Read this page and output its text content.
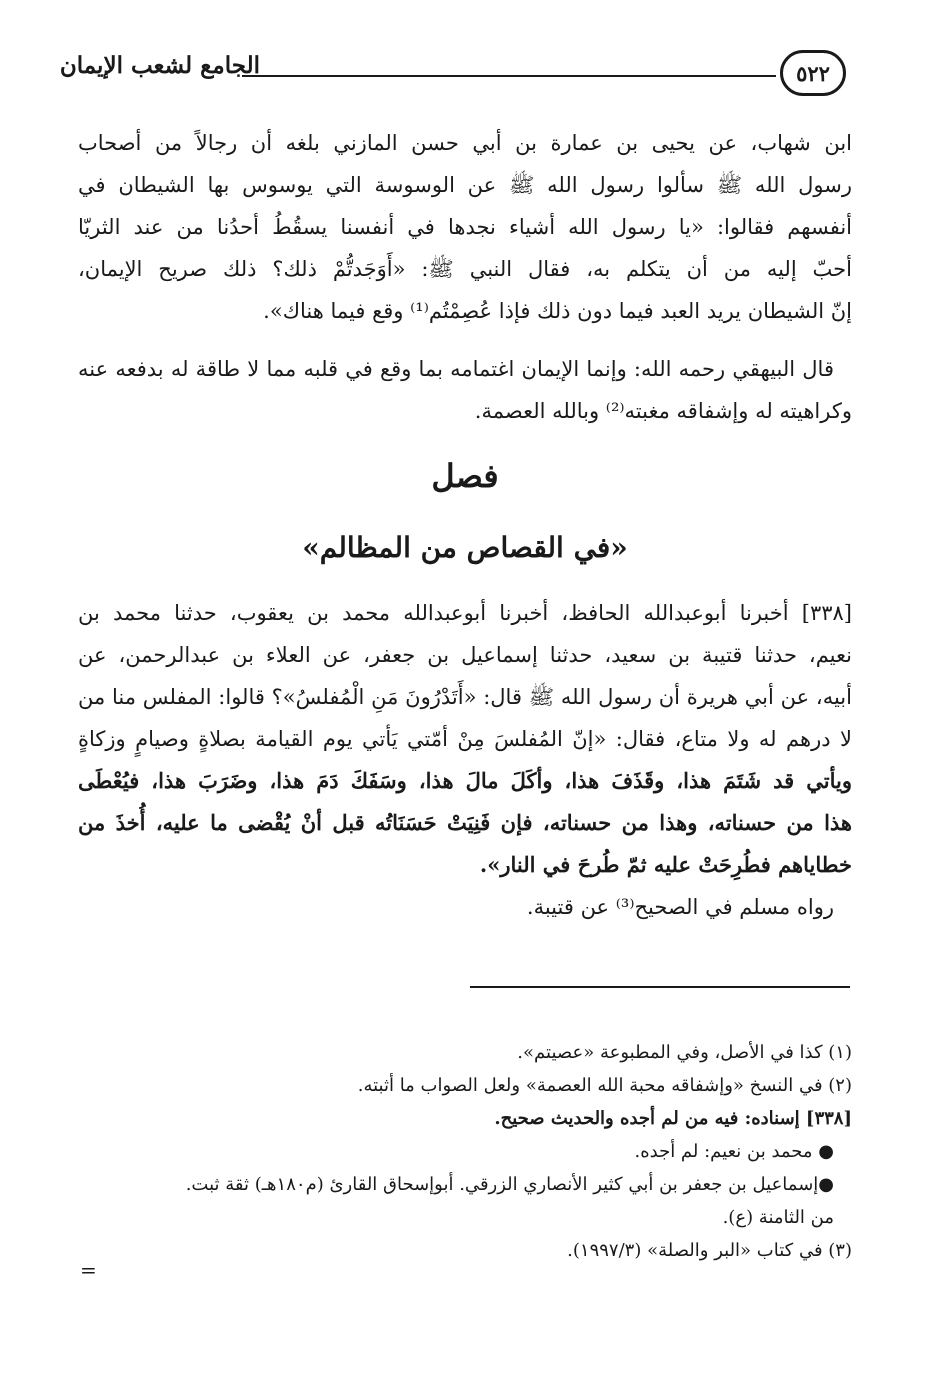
٥٢٢
الجامع لشعب الإيمان
ابن شهاب، عن يحيى بن عمارة بن أبي حسن المازني بلغه أن رجالاً من أصحاب
رسول الله ﷺ سألوا رسول الله ﷺ عن الوسوسة التي يوسوس بها الشيطان في
أنفسهم فقالوا: «يا رسول الله أشياء نجدها في أنفسنا يسقُطُ أحدُنا من عند الثريّا
أحبّ إليه من أن يتكلم به، فقال النبي ﷺ: «أَوَجَدتُّمْ ذلك؟ ذلك صريح الإيمان،
إنّ الشيطان يريد العبد فيما دون ذلك فإذا عُصِمْتُم⁽¹⁾ وقع فيما هناك».
قال البيهقي رحمه الله: وإنما الإيمان اغتمامه بما وقع في قلبه مما لا طاقة له بدفعه عنه
وكراهيته له وإشفاقه مغبته⁽²⁾ وبالله العصمة.
فصل
«في القصاص من المظالم»
[٣٣٨] أخبرنا أبوعبدالله الحافظ، أخبرنا أبوعبدالله محمد بن يعقوب، حدثنا محمد بن
نعيم، حدثنا قتيبة بن سعيد، حدثنا إسماعيل بن جعفر، عن العلاء بن عبدالرحمن، عن
أبيه، عن أبي هريرة أن رسول الله ﷺ قال: «أَتَدْرُونَ مَنِ الْمُفلسُ»؟ قالوا: المفلس منا من
لا درهم له ولا متاع، فقال: «إنّ المُفلسَ مِنْ أمّتي يَأتي يوم القيامة بصلاةٍ وصيامٍ وزكاةٍ
ويأتي قد شَتَمَ هذا، وقَذَفَ هذا، وأكَلَ مالَ هذا، وسَفَكَ دَمَ هذا، وضَرَبَ هذا، فيُعْطَى
هذا من حسناته، وهذا من حسناته، فإن فَنِيَتْ حَسَنَاتُه قبل أنْ يُقْضى ما عليه، أُخذَ من
خطاياهم فطُرِحَتْ عليه ثمّ طُرحَ في النار».
رواه مسلم في الصحيح⁽³⁾ عن قتيبة.
(١) كذا في الأصل، وفي المطبوعة «عصيتم».
(٢) في النسخ «وإشفاقه محبة الله العصمة» ولعل الصواب ما أثبته.
[٣٣٨] إسناده: فيه من لم أجده والحديث صحيح.
● محمد بن نعيم: لم أجده.
●إسماعيل بن جعفر بن أبي كثير الأنصاري الزرقي. أبوإسحاق القارئ (م١٨٠هـ) ثقة ثبت.
من الثامنة (ع).
(٣) في كتاب «البر والصلة» (١٩٩٧/٣).
=
